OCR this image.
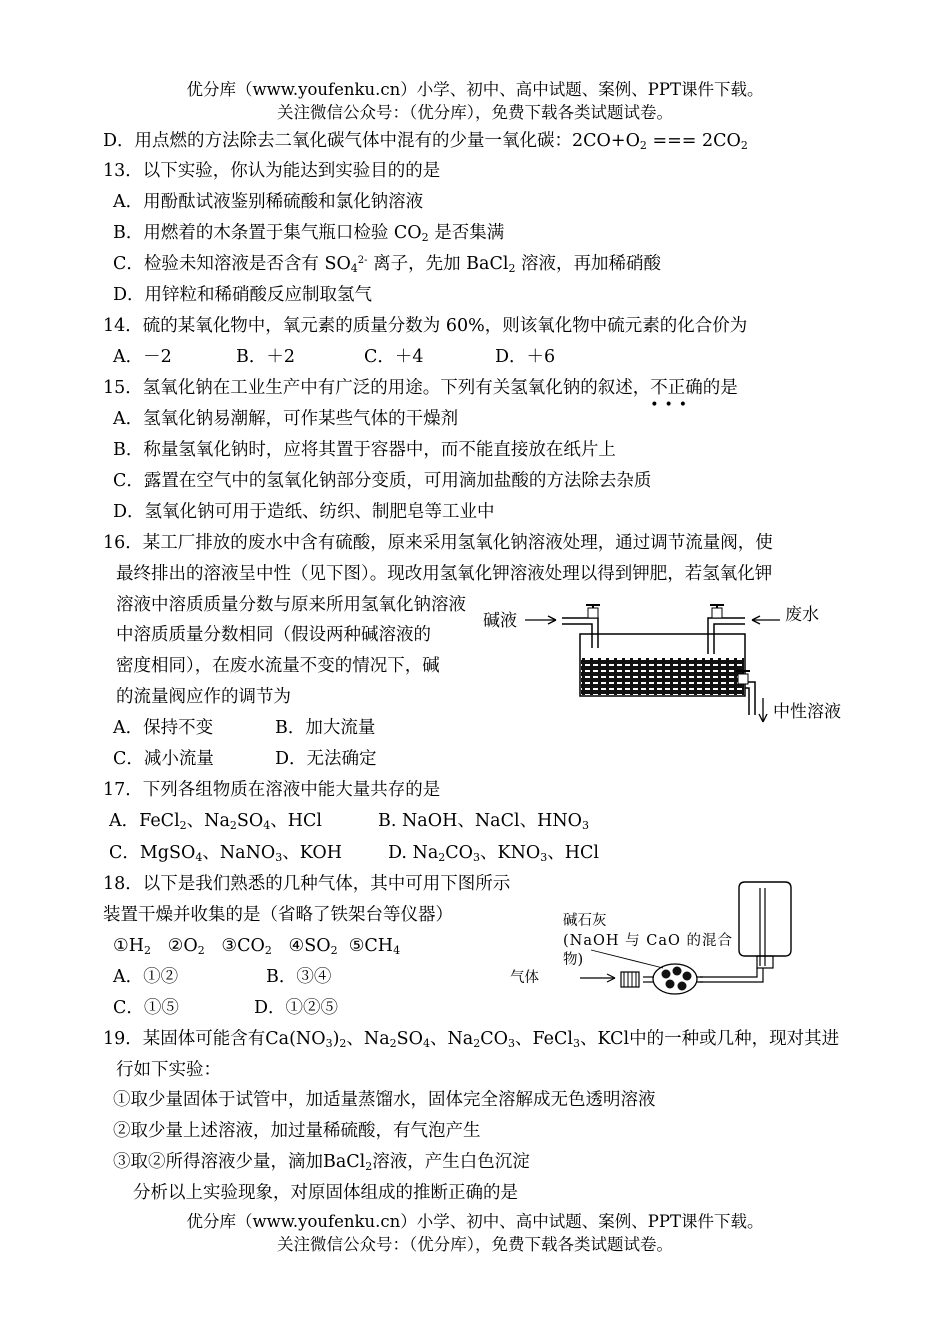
优分库（www.youfenku.cn）小学、初中、高中试题、案例、PPT课件下载。
关注微信公众号：（优分库），免费下载各类试题试卷。
D．用点燃的方法除去二氧化碳气体中混有的少量一氧化碳：$2CO+O_2$ === $2CO_2$
13．以下实验，你认为能达到实验目的的是
A．用酚酞试液鉴别稀硫酸和氯化钠溶液
B．用燃着的木条置于集气瓶口检验 $CO_2$ 是否集满
C．检验未知溶液是否含有 $SO_4^{2-}$ 离子，先加 BaCl$_2$ 溶液，再加稀硝酸
D．用锌粒和稀硝酸反应制取氢气
14．硫的某氧化物中，氧元素的质量分数为 60%，则该氧化物中硫元素的化合价为
A．－2	B．＋2	C．＋4	D．＋6
15．氢氧化钠在工业生产中有广泛的用途。下列有关氢氧化钠的叙述，不正确
•••
的是
A．氢氧化钠易潮解，可作某些气体的干燥剂
B．称量氢氧化钠时，应将其置于容器中，而不能直接放在纸片上
C．露置在空气中的氢氧化钠部分变质，可用滴加盐酸的方法除去杂质
D．氢氧化钠可用于造纸、纺织、制肥皂等工业中
16．某工厂排放的废水中含有硫酸，原来采用氢氧化钠溶液处理，通过调节流量阀，使
最终排出的溶液呈中性（见下图）。现改用氢氧化钾溶液处理以得到钾肥，若氢氧化钾
溶液中溶质质量分数与原来所用氢氧化钠溶液
中溶质质量分数相同（假设两种碱溶液的
密度相同），在废水流量不变的情况下，碱
的流量阀应作的调节为
A．保持不变	B．加大流量
C．减小流量	D．无法确定
碱液	废水
中性溶液
17．下列各组物质在溶液中能大量共存的是
A．FeCl$_2$、$Na_2SO_4$、HCl	B. NaOH、NaCl、$HNO_3$
C．MgSO$_4$、NaNO$_3$、KOH	D. $Na_2CO_3$、$KNO_3$、HCl
18．以下是我们熟悉的几种气体，其中可用下图所示
装置干燥并收集的是（省略了铁架台等仪器）
$①H_2$ $②O_2$ $③CO_2$ $④SO_2$ $⑤CH_4$
A．①②	B．③④
C．①⑤	D．①②⑤
碱石灰
(NaOH 与 CaO 的混合
物)
气体
19．某固体可能含有$Ca(NO_3)_2$、$Na_2SO_4$、$Na_2CO_3$、FeCl$_3$、KCl中的一种或几种，现对其进
行如下实验：
①取少量固体于试管中，加适量蒸馏水，固体完全溶解成无色透明溶液
②取少量上述溶液，加过量稀硫酸，有气泡产生
③取②所得溶液少量，滴加BaCl$_2$溶液，产生白色沉淀
分析以上实验现象，对原固体组成的推断正确的是
优分库（www.youfenku.cn）小学、初中、高中试题、案例、PPT课件下载。
关注微信公众号：（优分库），免费下载各类试题试卷。
